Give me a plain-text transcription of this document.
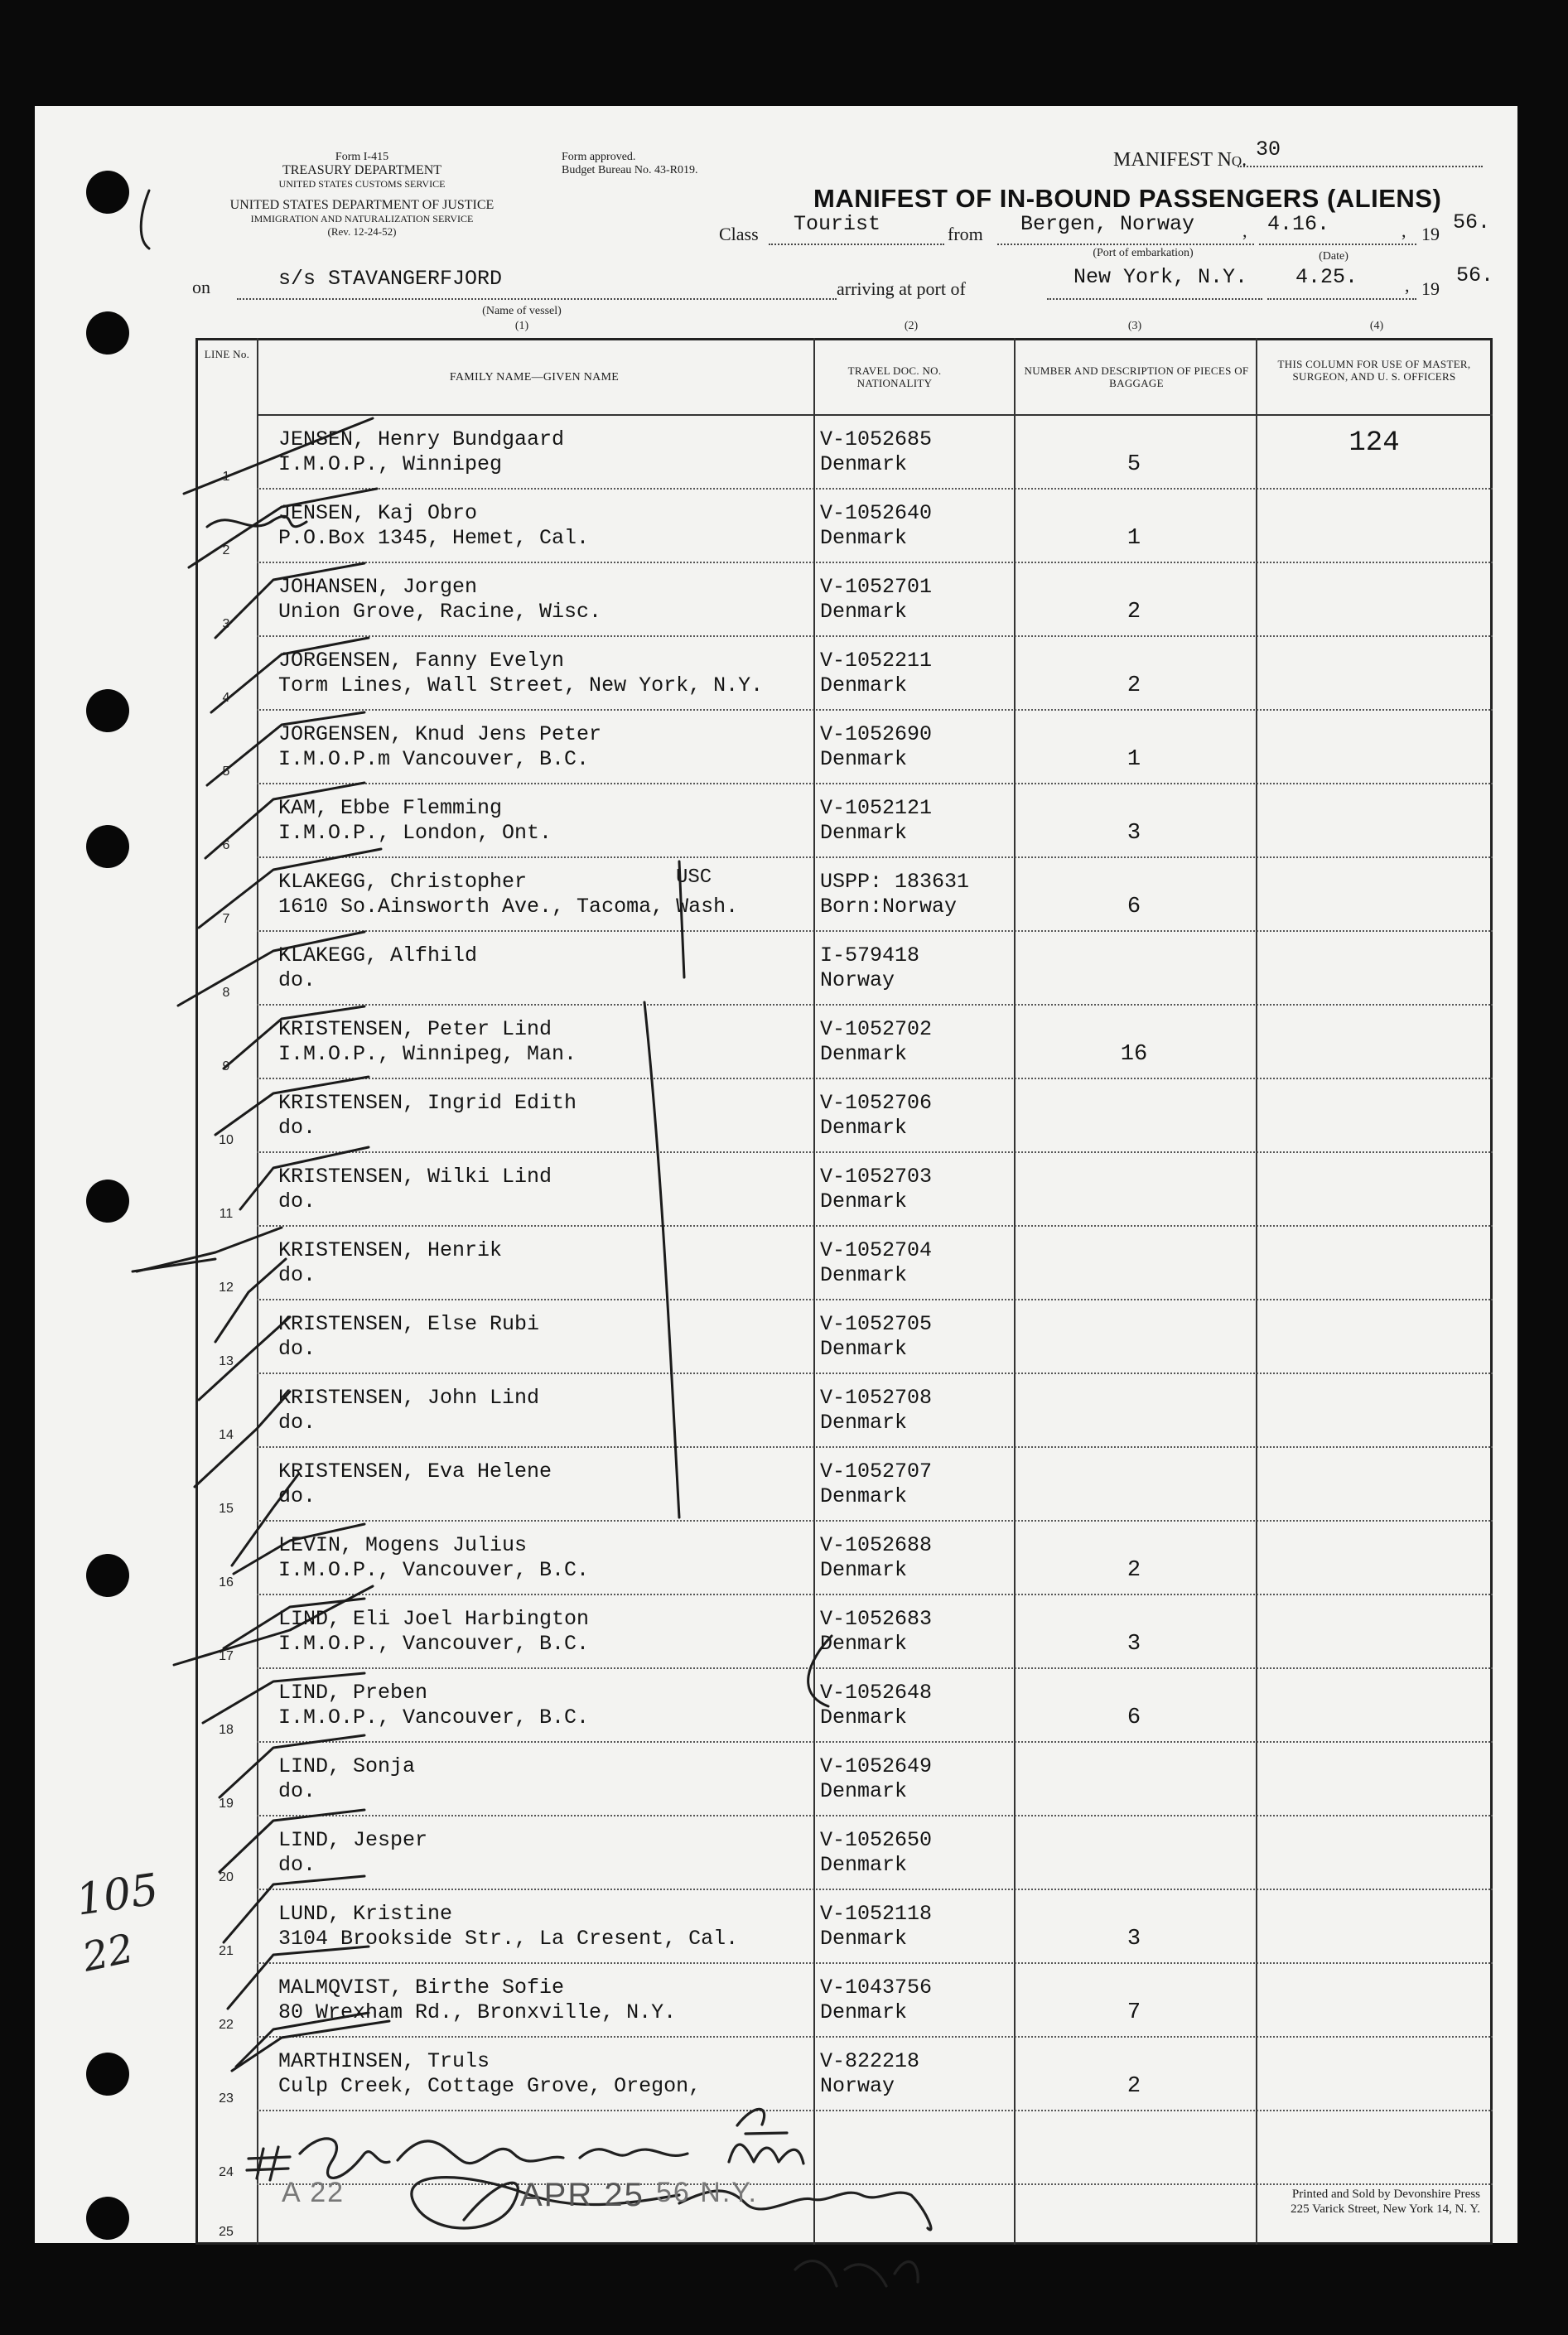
Form I-415
TREASURY DEPARTMENT
UNITED STATES CUSTOMS SERVICE
UNITED STATES DEPARTMENT OF JUSTICE
IMMIGRATION AND NATURALIZATION SERVICE
(Rev. 12-24-52)
Form approved.
Budget Bureau No. 43-R019.	MANIFEST No. 30
MANIFEST OF IN-BOUND PASSENGERS (ALIENS)
Class Tourist	from Bergen, Norway	, 4.16.	, 19 56.
(Port of embarkation)	(Date)
on	s/s STAVANGERFJORD
(Name of vessel)
arriving at port of	New York, N.Y. 4.25.	, 19
56.
(1)	(2)	(3)	(4)
LINE No.
FAMILY NAME—GIVEN NAME
TRAVEL DOC. NO. NATIONALITY
NUMBER AND DESCRIPTION OF PIECES OF BAGGAGE
THIS COLUMN FOR USE OF MASTER, SURGEON, AND U. S. OFFICERS
1
JENSEN, Henry Bundgaard
I.M.O.P., Winnipeg
V-1052685
Denmark	5
124
2
JENSEN, Kaj Obro
P.O.Box 1345, Hemet, Cal.
V-1052640
Denmark	1
3
JOHANSEN, Jorgen
Union Grove, Racine, Wisc.
V-1052701
Denmark	2
4
JORGENSEN, Fanny Evelyn
Torm Lines, Wall Street, New York, N.Y.
V-1052211
Denmark	2
5
JORGENSEN, Knud Jens Peter
I.M.O.P.m Vancouver, B.C.
V-1052690
Denmark	1
6
KAM, Ebbe Flemming
I.M.O.P., London, Ont.
V-1052121
Denmark	3
7
KLAKEGG, Christopher
1610 So.Ainsworth Ave., Tacoma, Wash.
USPP: 183631
Born:Norway	6
8
KLAKEGG, Alfhild
do.
I-579418
Norway
9
KRISTENSEN, Peter Lind
I.M.O.P., Winnipeg, Man.
V-1052702
Denmark	16
10
KRISTENSEN, Ingrid Edith
do.
V-1052706
Denmark
11
KRISTENSEN, Wilki Lind
do.
V-1052703
Denmark
12
KRISTENSEN, Henrik
do.
V-1052704
Denmark
13
KRISTENSEN, Else Rubi
do.
V-1052705
Denmark
14
KRISTENSEN, John Lind
do.
V-1052708
Denmark
15
KRISTENSEN, Eva Helene
do.
V-1052707
Denmark
16
LEVIN, Mogens Julius
I.M.O.P., Vancouver, B.C.
V-1052688
Denmark	2
17
LIND, Eli Joel Harbington
I.M.O.P., Vancouver, B.C.
V-1052683
Denmark	3
18
LIND, Preben
I.M.O.P., Vancouver, B.C.
V-1052648
Denmark	6
19
LIND, Sonja
do.
V-1052649
Denmark
20
LIND, Jesper
do.
V-1052650
Denmark
21
LUND, Kristine
3104 Brookside Str., La Cresent, Cal.
V-1052118
Denmark	3
22
MALMQVIST, Birthe Sofie
80 Wrexham Rd., Bronxville, N.Y.
V-1043756
Denmark	7
23
MARTHINSEN, Truls
Culp Creek, Cottage Grove, Oregon,
V-822218
Norway	2
24
25
USC
105
22
A 22	APR 25 56 N.Y.	Printed and Sold by Devonshire Press
225 Varick Street, New York 14, N. Y.
